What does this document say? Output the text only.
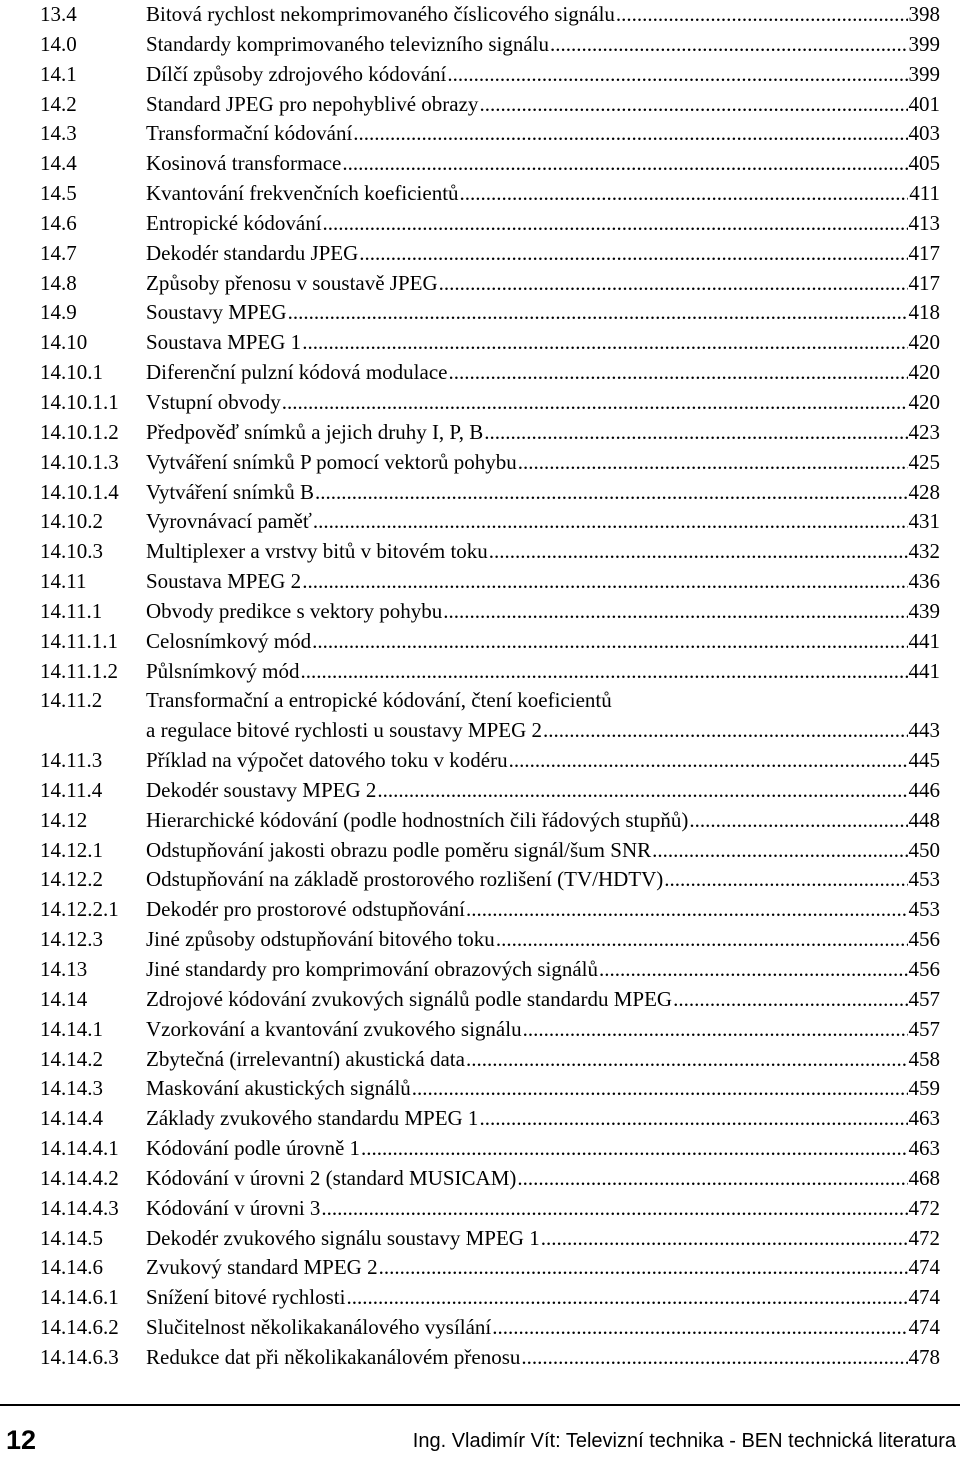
13.4	Bitová rychlost nekomprimovaného číslicového signálu .....	398
14.0	Standardy komprimovaného televizního signálu .....	399
14.1	Dílčí způsoby zdrojového kódování .....	399
14.2	Standard JPEG pro nepohyblivé obrazy .....	401
14.3	Transformační kódování .....	403
14.4	Kosinová transformace .....	405
14.5	Kvantování frekvenčních koeficientů .....	411
14.6	Entropické kódování .....	413
14.7	Dekodér standardu JPEG .....	417
14.8	Způsoby přenosu v soustavě JPEG .....	417
14.9	Soustavy MPEG .....	418
14.10	Soustava MPEG 1 .....	420
14.10.1	Diferenční pulzní kódová modulace .....	420
14.10.1.1	Vstupní obvody .....	420
14.10.1.2	Předpověď snímků a jejich druhy I, P, B .....	423
14.10.1.3	Vytváření snímků P pomocí vektorů pohybu .....	425
14.10.1.4	Vytváření snímků B .....	428
14.10.2	Vyrovnávací paměť .....	431
14.10.3	Multiplexer a vrstvy bitů v bitovém toku .....	432
14.11	Soustava MPEG 2 .....	436
14.11.1	Obvody predikce s vektory pohybu .....	439
14.11.1.1	Celosnímkový mód .....	441
14.11.1.2	Půlsnímkový mód .....	441
14.11.2	Transformační a entropické kódování, čtení koeficientů
a regulace bitové rychlosti u soustavy MPEG 2 .....	443
14.11.3	Příklad na výpočet datového toku v kodéru .....	445
14.11.4	Dekodér soustavy MPEG 2 .....	446
14.12	Hierarchické kódování (podle hodnostních čili řádových stupňů) .....	448
14.12.1	Odstupňování jakosti obrazu podle poměru signál/šum SNR .....	450
14.12.2	Odstupňování na základě prostorového rozlišení (TV/HDTV) .....	453
14.12.2.1	Dekodér pro prostorové odstupňování .....	453
14.12.3	Jiné způsoby odstupňování bitového toku .....	456
14.13	Jiné standardy pro komprimování obrazových signálů .....	456
14.14	Zdrojové kódování zvukových signálů podle standardu MPEG .....	457
14.14.1	Vzorkování a kvantování zvukového signálu .....	457
14.14.2	Zbytečná (irrelevantní) akustická data .....	458
14.14.3	Maskování akustických signálů .....	459
14.14.4	Základy zvukového standardu MPEG 1 .....	463
14.14.4.1	Kódování podle úrovně 1 .....	463
14.14.4.2	Kódování v úrovni 2 (standard MUSICAM) .....	468
14.14.4.3	Kódování v úrovni 3 .....	472
14.14.5	Dekodér zvukového signálu soustavy MPEG 1 .....	472
14.14.6	Zvukový standard MPEG 2 .....	474
14.14.6.1	Snížení bitové rychlosti .....	474
14.14.6.2	Slučitelnost několikakanálového vysílání .....	474
14.14.6.3	Redukce dat při několikakanálovém přenosu .....	478
12	Ing. Vladimír Vít: Televizní technika - BEN technická literatura
